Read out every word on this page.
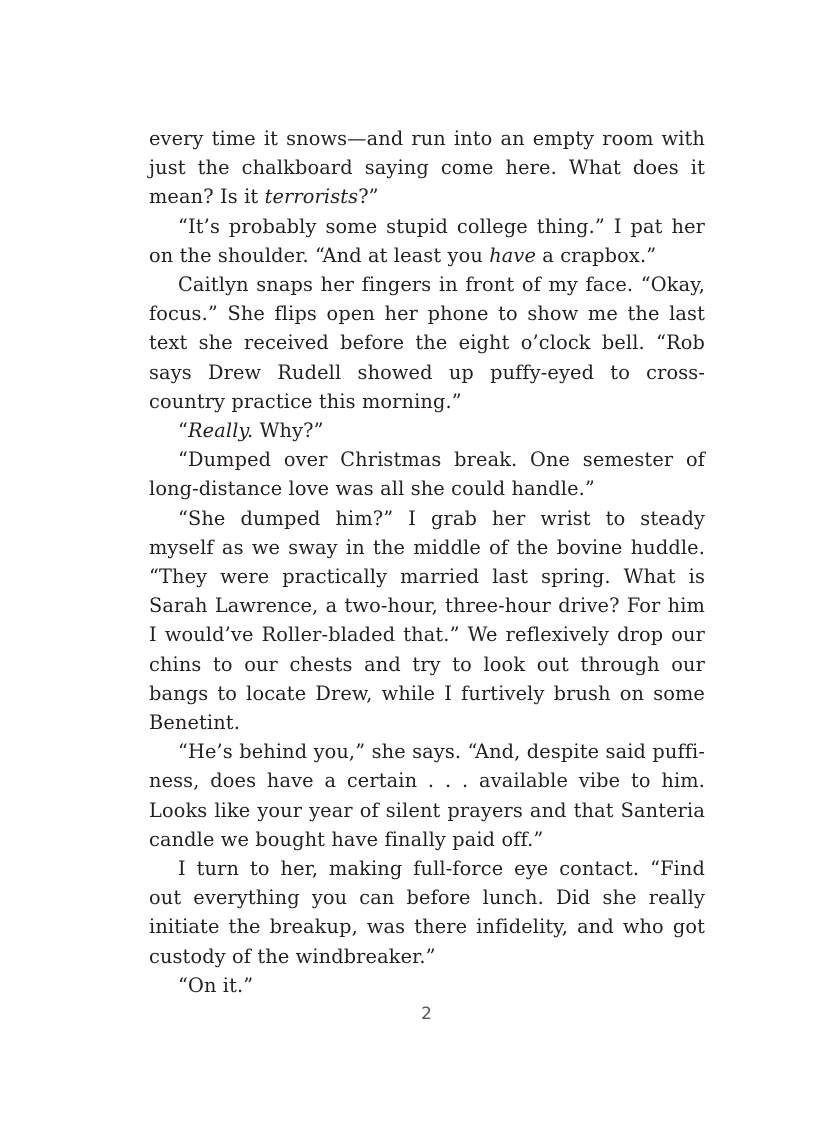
every time it snows—and run into an empty room with just the chalkboard saying come here. What does it mean? Is it terrorists?”

“It’s probably some stupid college thing.” I pat her on the shoulder. “And at least you have a crapbox.”

Caitlyn snaps her fingers in front of my face. “Okay, focus.” She flips open her phone to show me the last text she received before the eight o’clock bell. “Rob says Drew Rudell showed up puffy-eyed to cross-country practice this morning.”

“Really. Why?”

“Dumped over Christmas break. One semester of long-distance love was all she could handle.”

“She dumped him?” I grab her wrist to steady myself as we sway in the middle of the bovine huddle. “They were practically married last spring. What is Sarah Lawrence, a two-hour, three-hour drive? For him I would’ve Roller-bladed that.” We reflexively drop our chins to our chests and try to look out through our bangs to locate Drew, while I furtively brush on some Benetint.

“He’s behind you,” she says. “And, despite said puffi-ness, does have a certain . . . available vibe to him. Looks like your year of silent prayers and that Santeria candle we bought have finally paid off.”

I turn to her, making full-force eye contact. “Find out everything you can before lunch. Did she really initiate the breakup, was there infidelity, and who got custody of the windbreaker.”

“On it.”

2
